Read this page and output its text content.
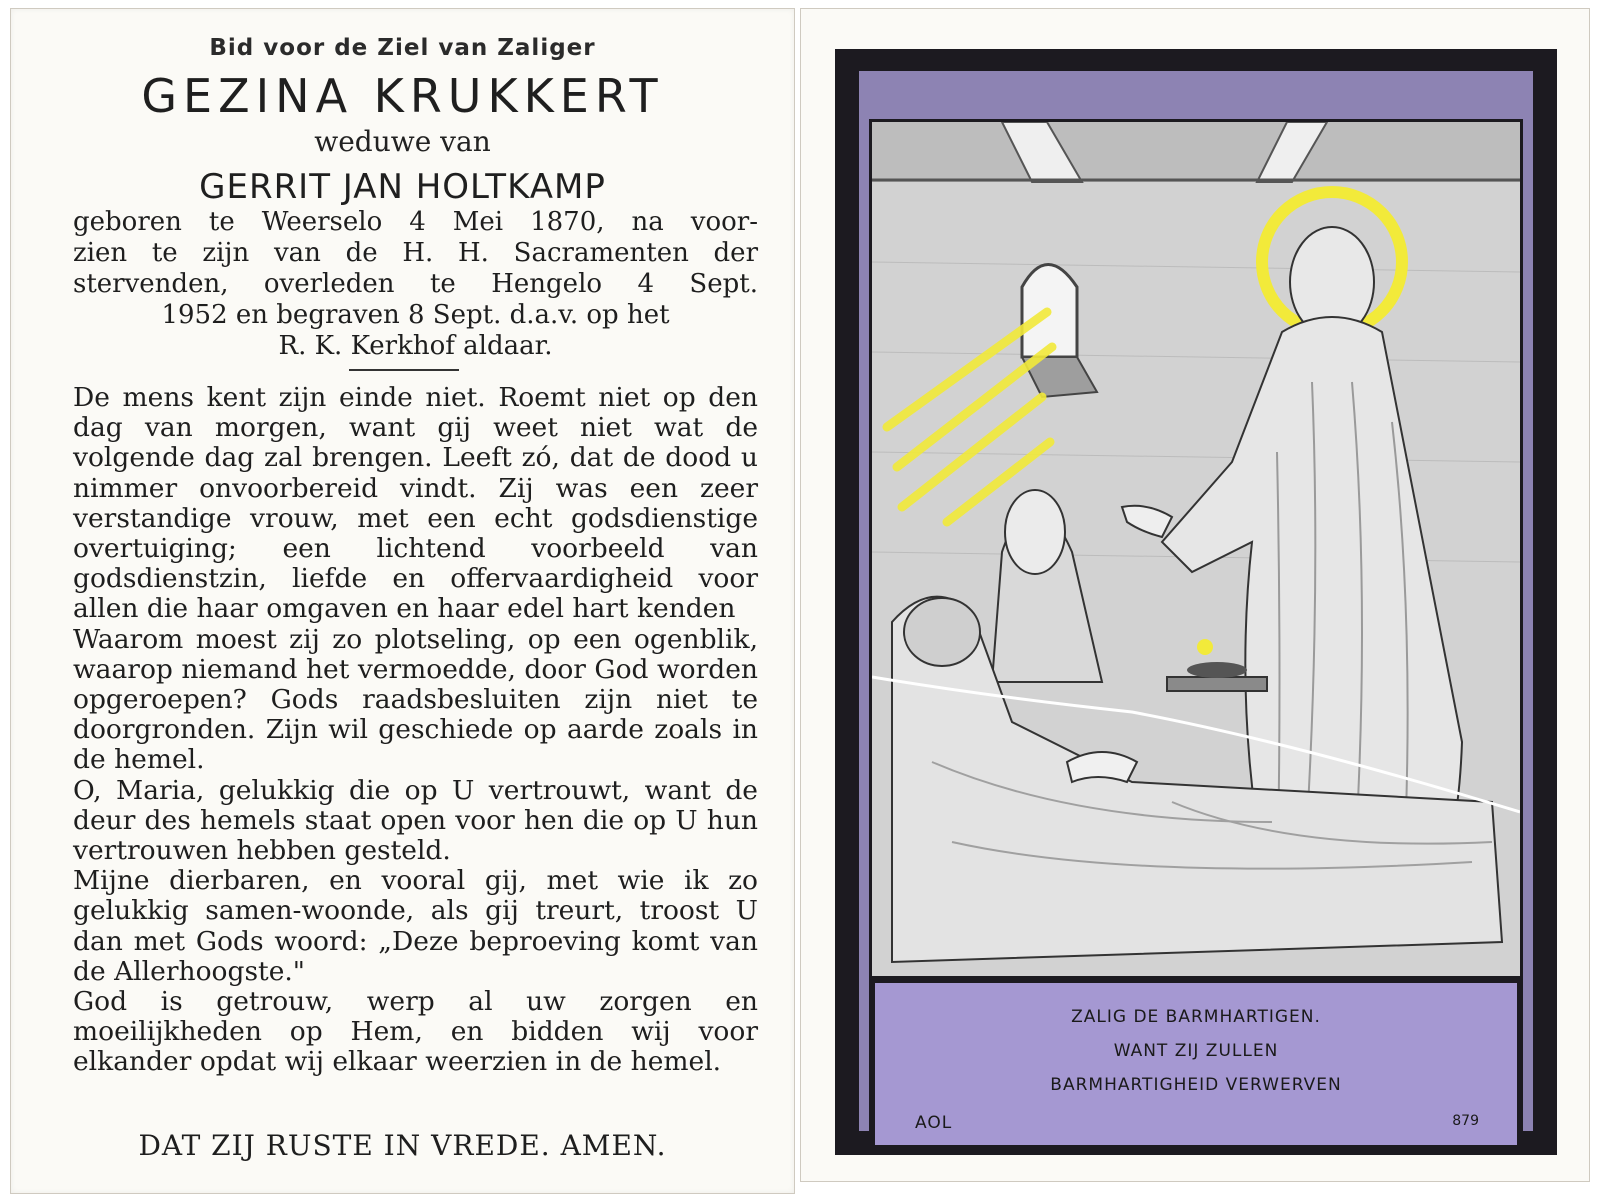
Bid voor de Ziel van Zaliger
GEZINA KRUKKERT
weduwe van
GERRIT JAN HOLTKAMP
geboren te Weerselo 4 Mei 1870, na voor-
zien te zijn van de H. H. Sacramenten der
stervenden, overleden te Hengelo 4 Sept.
1952 en begraven 8 Sept. d.a.v. op het
R. K. Kerkhof aldaar.

De mens kent zijn einde niet. Roemt niet op den dag van morgen, want gij weet niet wat de volgende dag zal brengen. Leeft zó, dat de dood u nimmer onvoorbereid vindt. Zij was een zeer verstandige vrouw, met een echt godsdienstige overtuiging; een lichtend voorbeeld van godsdienstzin, liefde en offervaardigheid voor allen die haar omgaven en haar edel hart kenden

Waarom moest zij zo plotseling, op een ogenblik, waarop niemand het vermoedde, door God worden opgeroepen? Gods raadsbesluiten zijn niet te doorgronden. Zijn wil geschiede op aarde zoals in de hemel.

O, Maria, gelukkig die op U vertrouwt, want de deur des hemels staat open voor hen die op U hun vertrouwen hebben gesteld.

Mijne dierbaren, en vooral gij, met wie ik zo gelukkig samen-woonde, als gij treurt, troost U dan met Gods woord: „Deze beproeving komt van de Allerhoogste."

God is getrouw, werp al uw zorgen en moeilijkheden op Hem, en bidden wij voor elkander opdat wij elkaar weerzien in de hemel.

DAT ZIJ RUSTE IN VREDE. AMEN.
ZALIG DE BARMHARTIGEN.
WANT ZIJ ZULLEN
BARMHARTIGHEID VERWERVEN
AOL	879
